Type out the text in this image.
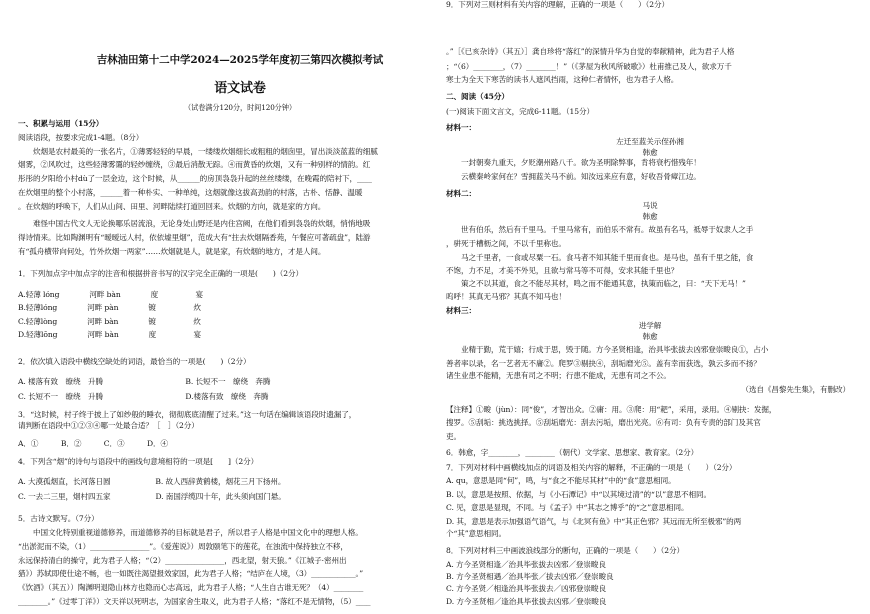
吉林油田第十二中学2024—2025学年度初三第四次模拟考试
语文试卷
（试卷满分120分，时间120分钟）
一、积累与运用（15分）
阅读语段，按要求完成1-4题。（8分）
　　炊烟是农村最美的一张名片，①薄雾轻轻的早晨，一缕缕炊烟细长或粗粗的烟囱里，冒出淡淡蓝蓝的细腻
烟雾，②风吹过，这些轻薄雾霭的轻纱缠绕，③最后消散无踪。④而黄昏的炊烟，又有一种别样的情韵。红
彤彤的夕阳给小村dù了一层金边，这个时候，从______的房顶袅袅升起的丝丝缕缕，在晚霞的陪衬下，____
在炊烟里的整个小村落，______着一种朴实、一种单纯，这烟就像这拔高劲韵的村落，古朴、恬静、温暖
。在炊烟的呼唤下，人们从山间、田里、河畔陆续打道回回来。炊烟的方向，就是家的方向。
　　难怪中国古代文人无论换哪乐居流浪，无论身处山野还是内住宫阙，在他们看到袅袅的炊烟，悄悄地吸
得诗情来。比如陶渊明有“暧暧远人村，依依墟里烟”，范成大有“拄去炊烟隔香苑，午餐应可著疏盘”，陆游
有“孤舟横带向何处，竹外炊烟一两家”……炊烟就是人，就是家，有炊烟的地方，才是人间。
1．下列加点字中加点字的注音和根据拼音书写的汉字完全正确的一项是(　　)（2分）
A.轻薄 lóng　　　　河畔 bàn　　　　度　　　　　宴
B.轻薄lóng　　　　河畔 pàn　　　　镀　　　　　炊
C.轻薄lòng　　　　河畔 bàn　　　　镀　　　　　炊
D.轻薄lōng　　　　河畔 bàn　　　　度　　　　　宴
2．依次填入语段中横线空缺处的词语，最恰当的一项是(　　)（2分）
A. 楼落有致　缭绕　升腾　　　　　　　　　　　B. 长短不一　缭绕　奔腾
C. 长短不一　缭绕　升腾　　　　　　　　　　　D.楼落有致　缭绕　奔腾
3．“这时候，村子终于披上了如纱般的睡衣，彻彻底底清醒了过来。”这一句话在编辑该语段时遗漏了，
请判断在语段中①②③④哪一处最合适？［　］（2分）
A．①　　　B．②　　　C．③　　　D．④
4．下列含“烟”的诗句与语段中的画线句意境相符的一项是[　　]（2分）
A. 大漠孤烟直，长河落日圆　　　　　　B. 故人西辞黄鹤楼，烟花三月下扬州。
C. 一去二三里，烟村四五家　　　　　　D. 南国浮缆四十年，此头须向国门悬。
5．古诗文默写。（7分）
　　中国文化特别重视道德修养，而道德修养的目标就是君子，所以君子人格是中国文化中的理想人格。
“出淤泥而不染，（1）________________”。《爱莲说》）周敦颐笔下的莲花，在浊流中保持独立不移，
永远保持清白的操守，此为君子人格；“（2）________________，西北望，射天狼。”《江城子·密州出
猎》）苏轼即使仕途不畅，也一如既往渴望报效家国，此为君子人格；“结庐在人境，（3）____________。”
《饮酒》（其五））陶渊明退隐山林方也隐而心志高远，此为君子人格；“人生自古谁无死？（4）________
________。”《过零丁洋》）文天祥以死明志，为国家舍生取义，此为君子人格；“落红不是无情物，（5）____
。”［《已亥杂诗》（其五）］龚自珍将“落红”的深情升华为自觉的奉献精神，此为君子人格
；“（6）________，（7）________！”（《茅屋为秋风所破歌》）杜甫推己及人，欲求万千
寒士为全天下寒苦的读书人遮风挡雨，这种仁者情怀，也为君子人格。
二、阅读（45分）
(一)阅读下面文言文，完成6-11题。（15分）
材料一：
左迁至蓝关示侄孙湘
韩愈
　　一封朝奏九重天，夕贬潮州路八千。欲为圣明除弊事，肯将衰朽惜残年！
　　云横秦岭家何在？雪拥蓝关马不前。知汝远来应有意，好收吾骨瘴江边。
材料二：
马说
韩愈
　　世有伯乐，然后有千里马。千里马常有，而伯乐不常有。故虽有名马，祗辱于奴隶人之手
，骈死于槽枥之间，不以千里称也。
　　马之千里者，一食或尽粟一石。食马者不知其能千里而食也。是马也，虽有千里之能，食
不饱，力不足，才美不外见，且欲与常马等不可得，安求其能千里也？
　　策之不以其道，食之不能尽其材，鸣之而不能通其意，执策而临之，曰：“天下无马！”
呜呼！其真无马邪？其真不知马也！
材料三：
进学解
韩愈
　　业精于勤，荒于嬉；行成于思，毁于随。方今圣贤相逢，治具毕张拔去凶邪登崇畯良①，占小
善者率以录，名一艺者无不庸②。爬罗③剔抉④，刮垢磨光⑤。盖有幸而获选，孰云多而不扬？
诸生业患不能精，无患有司之不明；行患不能成，无患有司之不公。
（选自《昌黎先生集》，有删改）
【注释】①畯（jùn）：同“俊”，才智出众。②庸：用。③爬：用“耙”，采用，录用。④剔抉：发掘，
搜罗。⑤刮垢：挑选挑择。⑤刮垢磨光：刮去污垢，磨出光亮。⑥有司：负有专责的部门及其官
吏。
6．韩愈，字________，________（朝代）文学家、思想家、教育家。（2分）
7．下列对材料中画横线加点的词语及相关内容的解释，不正确的一项是（　　）（2分）
A. qu，意思是同“何”，鸣，与“食之不能尽其材”中的“食”意思相同。
B. 以，意思是按照、依据，与《小石潭记》中“以其境过清”的“以”意思不相同。
C. 见，意思是显现，不同。与《孟子》中“其志之博乎”的“之”意思相同。
D. 其，意思是表示加强语气语气，与《北冥有鱼》中“其正色邪？其远而无所至极邪”的两
个“其”意思相同。
8．下列对材料三中画波浪线部分的断句，正确的一项是（　　）（2分）
A. 方今圣贤相逢／治具毕张拔去凶邪／登崇畯良
B. 方今圣贤相遇／治具毕张／拔去凶邪／登崇畯良
C. 方今圣贤／相逢治具毕张拔去／凶邪登崇畯良
D. 方今圣贤相／逢治具毕张拔去凶邪／登崇畯良
9．下列对三则材料有关内容的理解，正确的一项是（　　）（2分）
